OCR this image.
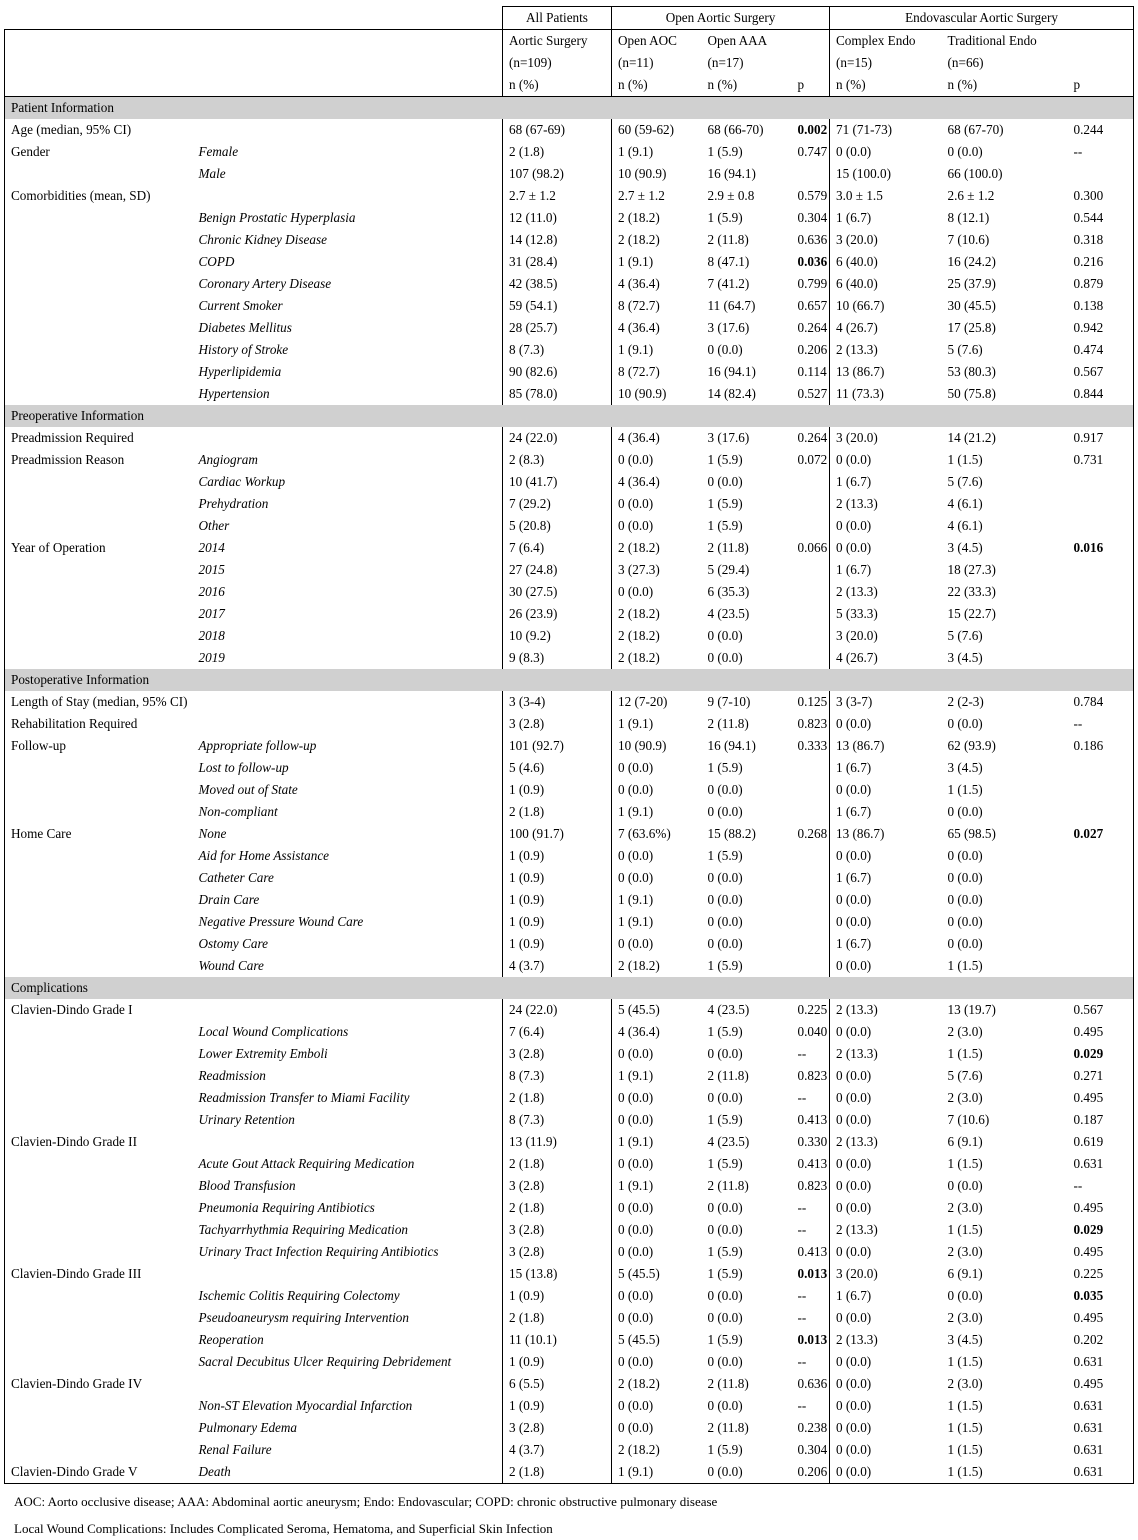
		All Patients	Open Aortic Surgery			Endovascular Aortic Surgery		
		Aortic Surgery	Open AOC	Open AAA		Complex Endo	Traditional Endo	
		(n=109)	(n=11)	(n=17)		(n=15)	(n=66)	
		n (%)	n (%)	n (%)	p	n (%)	n (%)	p
Patient Information								
Age (median, 95% CI)		68 (67-69)	60 (59-62)	68 (66-70)	0.002	71 (71-73)	68 (67-70)	0.244
Gender	Female	2 (1.8)	1 (9.1)	1 (5.9)	0.747	0 (0.0)	0 (0.0)	--
	Male	107 (98.2)	10 (90.9)	16 (94.1)		15 (100.0)	66 (100.0)	
Comorbidities (mean, SD)		2.7 ± 1.2	2.7 ± 1.2	2.9 ± 0.8	0.579	3.0 ± 1.5	2.6 ± 1.2	0.300
	Benign Prostatic Hyperplasia	12 (11.0)	2 (18.2)	1 (5.9)	0.304	1 (6.7)	8 (12.1)	0.544
	Chronic Kidney Disease	14 (12.8)	2 (18.2)	2 (11.8)	0.636	3 (20.0)	7 (10.6)	0.318
	COPD	31 (28.4)	1 (9.1)	8 (47.1)	0.036	6 (40.0)	16 (24.2)	0.216
	Coronary Artery Disease	42 (38.5)	4 (36.4)	7 (41.2)	0.799	6 (40.0)	25 (37.9)	0.879
	Current Smoker	59 (54.1)	8 (72.7)	11 (64.7)	0.657	10 (66.7)	30 (45.5)	0.138
	Diabetes Mellitus	28 (25.7)	4 (36.4)	3 (17.6)	0.264	4 (26.7)	17 (25.8)	0.942
	History of Stroke	8 (7.3)	1 (9.1)	0 (0.0)	0.206	2 (13.3)	5 (7.6)	0.474
	Hyperlipidemia	90 (82.6)	8 (72.7)	16 (94.1)	0.114	13 (86.7)	53 (80.3)	0.567
	Hypertension	85 (78.0)	10 (90.9)	14 (82.4)	0.527	11 (73.3)	50 (75.8)	0.844
Preoperative Information								
Preadmission Required		24 (22.0)	4 (36.4)	3 (17.6)	0.264	3 (20.0)	14 (21.2)	0.917
Preadmission Reason	Angiogram	2 (8.3)	0 (0.0)	1 (5.9)	0.072	0 (0.0)	1 (1.5)	0.731
	Cardiac Workup	10 (41.7)	4 (36.4)	0 (0.0)		1 (6.7)	5 (7.6)	
	Prehydration	7 (29.2)	0 (0.0)	1 (5.9)		2 (13.3)	4 (6.1)	
	Other	5 (20.8)	0 (0.0)	1 (5.9)		0 (0.0)	4 (6.1)	
Year of Operation	2014	7 (6.4)	2 (18.2)	2 (11.8)	0.066	0 (0.0)	3 (4.5)	0.016
	2015	27 (24.8)	3 (27.3)	5 (29.4)		1 (6.7)	18 (27.3)	
	2016	30 (27.5)	0 (0.0)	6 (35.3)		2 (13.3)	22 (33.3)	
	2017	26 (23.9)	2 (18.2)	4 (23.5)		5 (33.3)	15 (22.7)	
	2018	10 (9.2)	2 (18.2)	0 (0.0)		3 (20.0)	5 (7.6)	
	2019	9 (8.3)	2 (18.2)	0 (0.0)		4 (26.7)	3 (4.5)	
Postoperative Information								
Length of Stay (median, 95% CI)		3 (3-4)	12 (7-20)	9 (7-10)	0.125	3 (3-7)	2 (2-3)	0.784
Rehabilitation Required		3 (2.8)	1 (9.1)	2 (11.8)	0.823	0 (0.0)	0 (0.0)	--
Follow-up	Appropriate follow-up	101 (92.7)	10 (90.9)	16 (94.1)	0.333	13 (86.7)	62 (93.9)	0.186
	Lost to follow-up	5 (4.6)	0 (0.0)	1 (5.9)		1 (6.7)	3 (4.5)	
	Moved out of State	1 (0.9)	0 (0.0)	0 (0.0)		0 (0.0)	1 (1.5)	
	Non-compliant	2 (1.8)	1 (9.1)	0 (0.0)		1 (6.7)	0 (0.0)	
Home Care	None	100 (91.7)	7 (63.6%)	15 (88.2)	0.268	13 (86.7)	65 (98.5)	0.027
	Aid for Home Assistance	1 (0.9)	0 (0.0)	1 (5.9)		0 (0.0)	0 (0.0)	
	Catheter Care	1 (0.9)	0 (0.0)	0 (0.0)		1 (6.7)	0 (0.0)	
	Drain Care	1 (0.9)	1 (9.1)	0 (0.0)		0 (0.0)	0 (0.0)	
	Negative Pressure Wound Care	1 (0.9)	1 (9.1)	0 (0.0)		0 (0.0)	0 (0.0)	
	Ostomy Care	1 (0.9)	0 (0.0)	0 (0.0)		1 (6.7)	0 (0.0)	
	Wound Care	4 (3.7)	2 (18.2)	1 (5.9)		0 (0.0)	1 (1.5)	
Complications								
Clavien-Dindo Grade I		24 (22.0)	5 (45.5)	4 (23.5)	0.225	2 (13.3)	13 (19.7)	0.567
	Local Wound Complications	7 (6.4)	4 (36.4)	1 (5.9)	0.040	0 (0.0)	2 (3.0)	0.495
	Lower Extremity Emboli	3 (2.8)	0 (0.0)	0 (0.0)	--	2 (13.3)	1 (1.5)	0.029
	Readmission	8 (7.3)	1 (9.1)	2 (11.8)	0.823	0 (0.0)	5 (7.6)	0.271
	Readmission Transfer to Miami Facility	2 (1.8)	0 (0.0)	0 (0.0)	--	0 (0.0)	2 (3.0)	0.495
	Urinary Retention	8 (7.3)	0 (0.0)	1 (5.9)	0.413	0 (0.0)	7 (10.6)	0.187
Clavien-Dindo Grade II		13 (11.9)	1 (9.1)	4 (23.5)	0.330	2 (13.3)	6 (9.1)	0.619
	Acute Gout Attack Requiring Medication	2 (1.8)	0 (0.0)	1 (5.9)	0.413	0 (0.0)	1 (1.5)	0.631
	Blood Transfusion	3 (2.8)	1 (9.1)	2 (11.8)	0.823	0 (0.0)	0 (0.0)	--
	Pneumonia Requiring Antibiotics	2 (1.8)	0 (0.0)	0 (0.0)	--	0 (0.0)	2 (3.0)	0.495
	Tachyarrhythmia Requiring Medication	3 (2.8)	0 (0.0)	0 (0.0)	--	2 (13.3)	1 (1.5)	0.029
	Urinary Tract Infection Requiring Antibiotics	3 (2.8)	0 (0.0)	1 (5.9)	0.413	0 (0.0)	2 (3.0)	0.495
Clavien-Dindo Grade III		15 (13.8)	5 (45.5)	1 (5.9)	0.013	3 (20.0)	6 (9.1)	0.225
	Ischemic Colitis Requiring Colectomy	1 (0.9)	0 (0.0)	0 (0.0)	--	1 (6.7)	0 (0.0)	0.035
	Pseudoaneurysm requiring Intervention	2 (1.8)	0 (0.0)	0 (0.0)	--	0 (0.0)	2 (3.0)	0.495
	Reoperation	11 (10.1)	5 (45.5)	1 (5.9)	0.013	2 (13.3)	3 (4.5)	0.202
	Sacral Decubitus Ulcer Requiring Debridement	1 (0.9)	0 (0.0)	0 (0.0)	--	0 (0.0)	1 (1.5)	0.631
Clavien-Dindo Grade IV		6 (5.5)	2 (18.2)	2 (11.8)	0.636	0 (0.0)	2 (3.0)	0.495
	Non-ST Elevation Myocardial Infarction	1 (0.9)	0 (0.0)	0 (0.0)	--	0 (0.0)	1 (1.5)	0.631
	Pulmonary Edema	3 (2.8)	0 (0.0)	2 (11.8)	0.238	0 (0.0)	1 (1.5)	0.631
	Renal Failure	4 (3.7)	2 (18.2)	1 (5.9)	0.304	0 (0.0)	1 (1.5)	0.631
Clavien-Dindo Grade V	Death	2 (1.8)	1 (9.1)	0 (0.0)	0.206	0 (0.0)	1 (1.5)	0.631
AOC: Aorto occlusive disease; AAA: Abdominal aortic aneurysm; Endo: Endovascular; COPD: chronic obstructive pulmonary disease
Local Wound Complications: Includes Complicated Seroma, Hematoma, and Superficial Skin Infection
